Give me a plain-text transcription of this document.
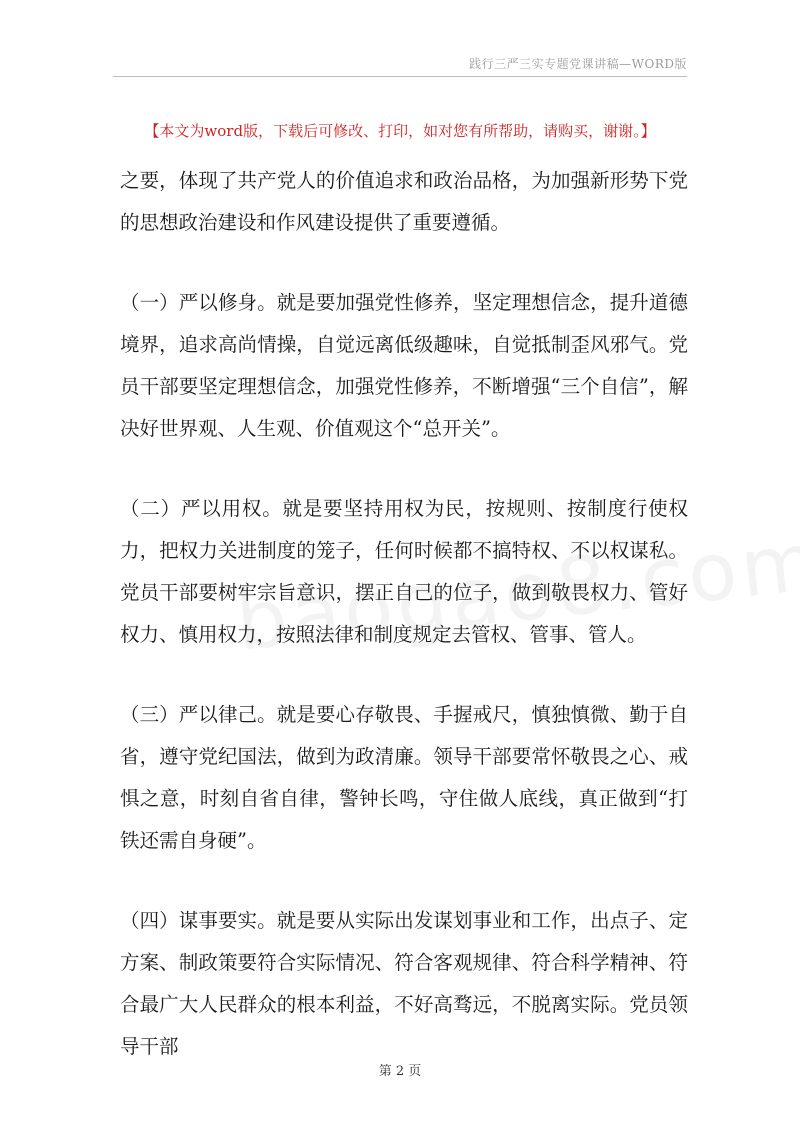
践行三严三实专题党课讲稿—WORD版
【本文为word版，下载后可修改、打印，如对您有所帮助，请购买，谢谢。】

之要，体现了共产党人的价值追求和政治品格，为加强新形势下党的思想政治建设和作风建设提供了重要遵循。

（一）严以修身。就是要加强党性修养，坚定理想信念，提升道德境界，追求高尚情操，自觉远离低级趣味，自觉抵制歪风邪气。党员干部要坚定理想信念，加强党性修养，不断增强“三个自信”，解决好世界观、人生观、价值观这个“总开关”。

（二）严以用权。就是要坚持用权为民，按规则、按制度行使权力，把权力关进制度的笼子，任何时候都不搞特权、不以权谋私。党员干部要树牢宗旨意识，摆正自己的位子，做到敬畏权力、管好权力、慎用权力，按照法律和制度规定去管权、管事、管人。

（三）严以律己。就是要心存敬畏、手握戒尺，慎独慎微、勤于自省，遵守党纪国法，做到为政清廉。领导干部要常怀敬畏之心、戒惧之意，时刻自省自律，警钟长鸣，守住做人底线，真正做到“打铁还需自身硬”。

（四）谋事要实。就是要从实际出发谋划事业和工作，出点子、定方案、制政策要符合实际情况、符合客观规律、符合科学精神、符合最广大人民群众的根本利益，不好高骛远，不脱离实际。党员领导干部

第 2 页
